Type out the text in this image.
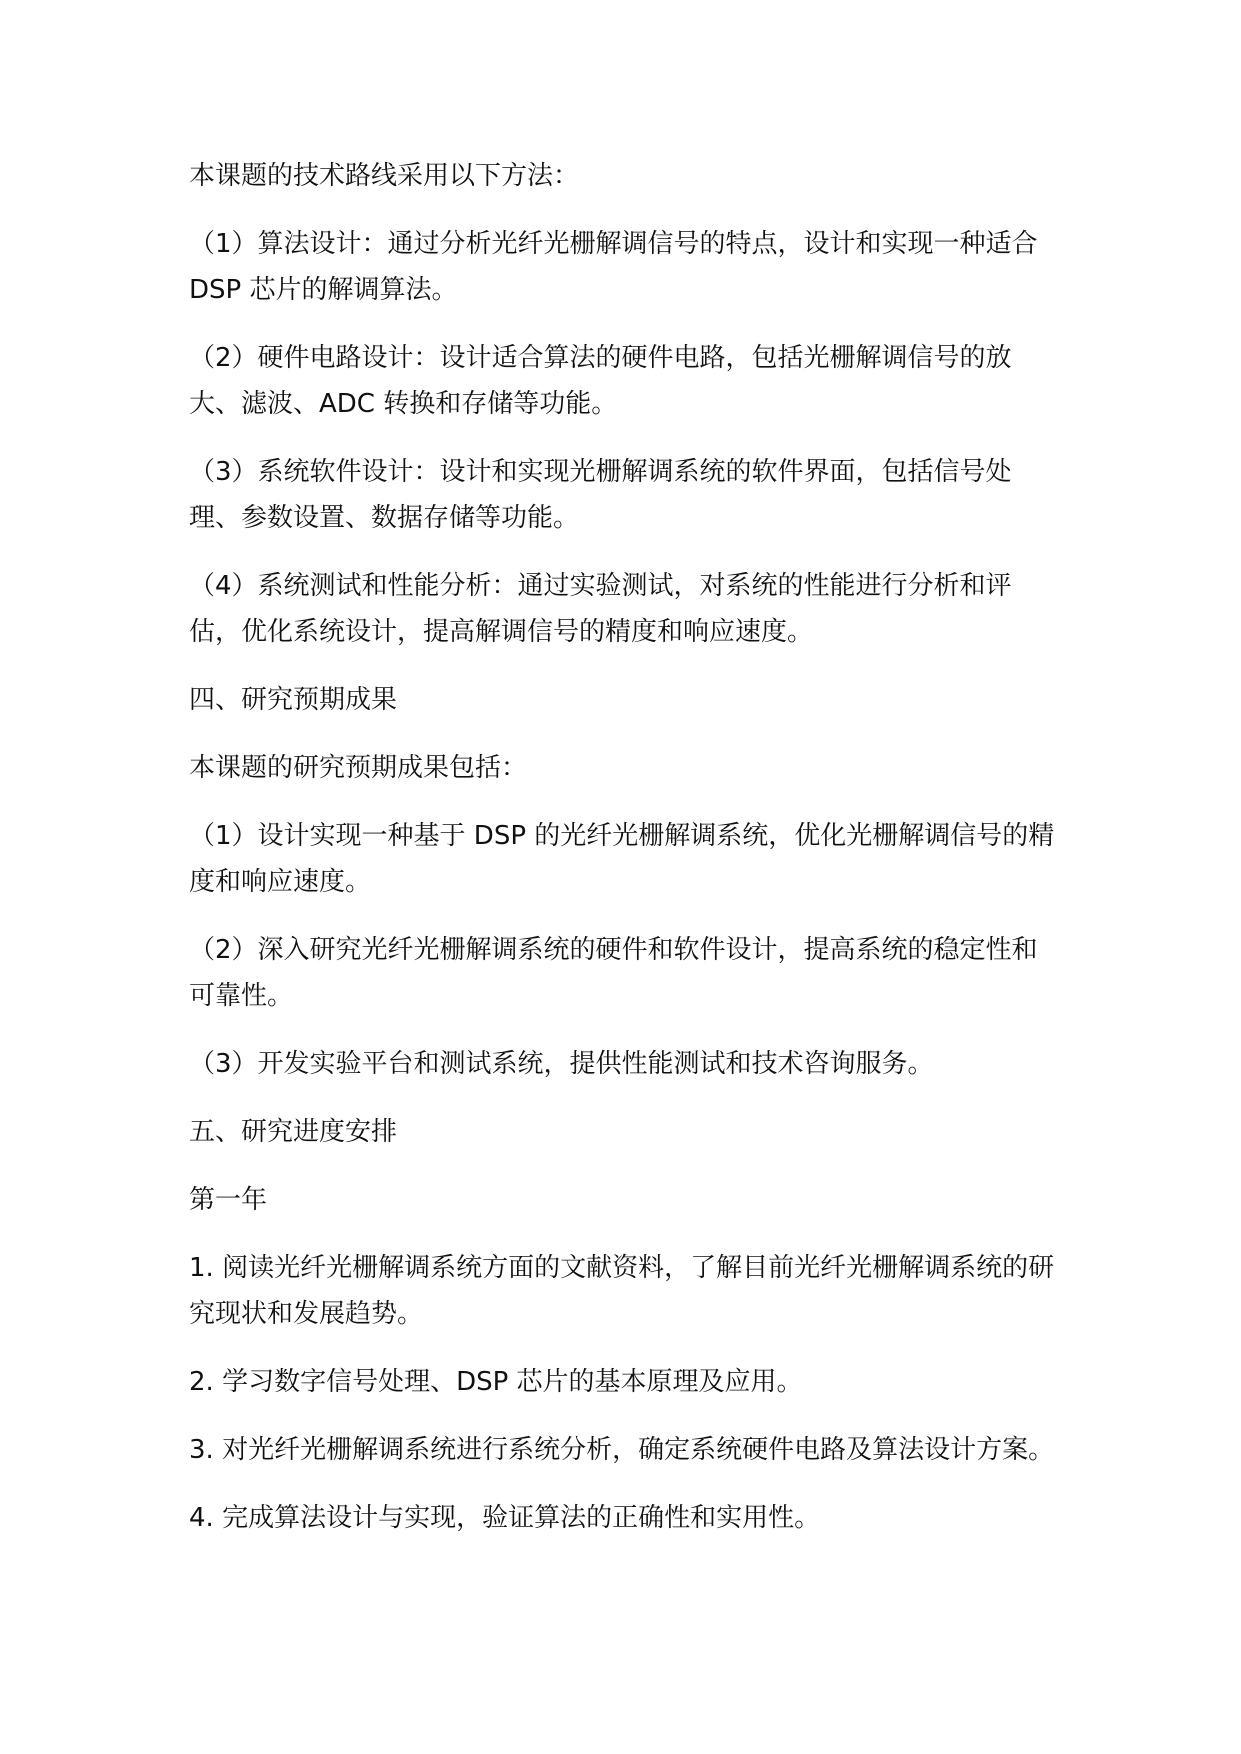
本课题的技术路线采用以下方法：

（1）算法设计：通过分析光纤光栅解调信号的特点，设计和实现一种适合 DSP 芯片的解调算法。

（2）硬件电路设计：设计适合算法的硬件电路，包括光栅解调信号的放大、滤波、ADC 转换和存储等功能。

（3）系统软件设计：设计和实现光栅解调系统的软件界面，包括信号处理、参数设置、数据存储等功能。

（4）系统测试和性能分析：通过实验测试，对系统的性能进行分析和评估，优化系统设计，提高解调信号的精度和响应速度。

四、研究预期成果

本课题的研究预期成果包括：

（1）设计实现一种基于 DSP 的光纤光栅解调系统，优化光栅解调信号的精度和响应速度。

（2）深入研究光纤光栅解调系统的硬件和软件设计，提高系统的稳定性和可靠性。

（3）开发实验平台和测试系统，提供性能测试和技术咨询服务。

五、研究进度安排

第一年

1. 阅读光纤光栅解调系统方面的文献资料，了解目前光纤光栅解调系统的研究现状和发展趋势。

2. 学习数字信号处理、DSP 芯片的基本原理及应用。

3. 对光纤光栅解调系统进行系统分析，确定系统硬件电路及算法设计方案。

4. 完成算法设计与实现，验证算法的正确性和实用性。
